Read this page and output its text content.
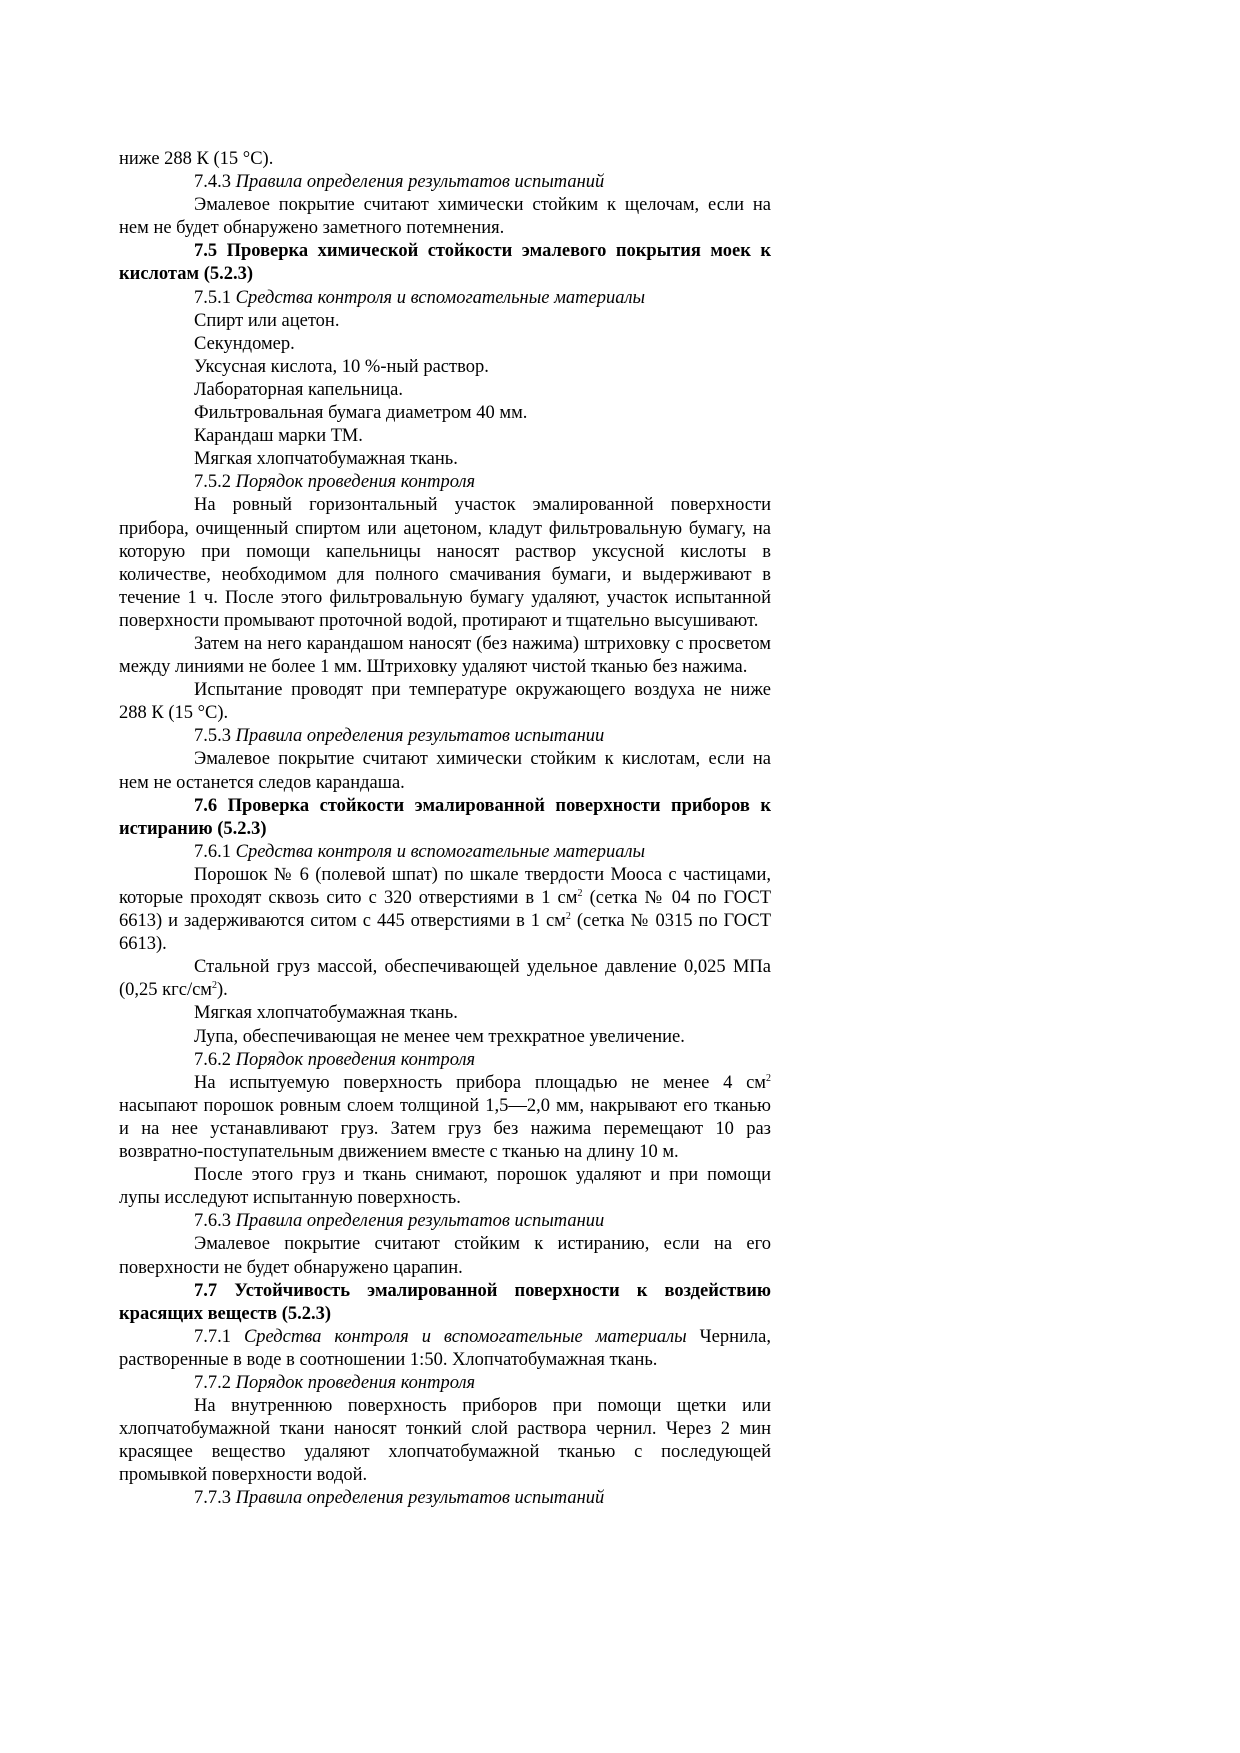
ниже 288 К (15 °С).

7.4.3 Правила определения результатов испытаний

Эмалевое покрытие считают химически стойким к щелочам, если на нем не будет обнаружено заметного потемнения.

7.5 Проверка химической стойкости эмалевого покрытия моек к кислотам (5.2.3)

7.5.1 Средства контроля и вспомогательные материалы

Спирт или ацетон.

Секундомер.

Уксусная кислота, 10 %-ный раствор.

Лабораторная капельница.

Фильтровальная бумага диаметром 40 мм.

Карандаш марки ТМ.

Мягкая хлопчатобумажная ткань.

7.5.2 Порядок проведения контроля

На ровный горизонтальный участок эмалированной поверхности прибора, очищенный спиртом или ацетоном, кладут фильтровальную бумагу, на которую при помощи капельницы наносят раствор уксусной кислоты в количестве, необходимом для полного смачивания бумаги, и выдерживают в течение 1 ч. После этого фильтровальную бумагу удаляют, участок испытанной поверхности промывают проточной водой, протирают и тщательно высушивают.

Затем на него карандашом наносят (без нажима) штриховку с просветом между линиями не более 1 мм. Штриховку удаляют чистой тканью без нажима.

Испытание проводят при температуре окружающего воздуха не ниже 288 К (15 °С).

7.5.3 Правила определения результатов испытании

Эмалевое покрытие считают химически стойким к кислотам, если на нем не останется следов карандаша.

7.6 Проверка стойкости эмалированной поверхности приборов к истиранию (5.2.3)

7.6.1 Средства контроля и вспомогательные материалы

Порошок № 6 (полевой шпат) по шкале твердости Мооса с частицами, которые проходят сквозь сито с 320 отверстиями в 1 $см^2$ (сетка № 04 по ГОСТ 6613) и задерживаются ситом с 445 отверстиями в 1 $см^2$ (сетка № 0315 по ГОСТ 6613).

Стальной груз массой, обеспечивающей удельное давление 0,025 МПа (0,25 кгс/$см^2$).

Мягкая хлопчатобумажная ткань.

Лупа, обеспечивающая не менее чем трехкратное увеличение.

7.6.2 Порядок проведения контроля

На испытуемую поверхность прибора площадью не менее 4 $см^2$ насыпают порошок ровным слоем толщиной 1,5—2,0 мм, накрывают его тканью и на нее устанавливают груз. Затем груз без нажима перемещают 10 раз возвратно-поступательным движением вместе с тканью на длину 10 м.

После этого груз и ткань снимают, порошок удаляют и при помощи лупы исследуют испытанную поверхность.

7.6.3 Правила определения результатов испытании

Эмалевое покрытие считают стойким к истиранию, если на его поверхности не будет обнаружено царапин.

7.7 Устойчивость эмалированной поверхности к воздействию красящих веществ (5.2.3)

7.7.1 Средства контроля и вспомогательные материалы Чернила, растворенные в воде в соотношении 1:50. Хлопчатобумажная ткань.

7.7.2 Порядок проведения контроля

На внутреннюю поверхность приборов при помощи щетки или хлопчатобумажной ткани наносят тонкий слой раствора чернил. Через 2 мин красящее вещество удаляют хлопчатобумажной тканью с последующей промывкой поверхности водой.

7.7.3 Правила определения результатов испытаний
